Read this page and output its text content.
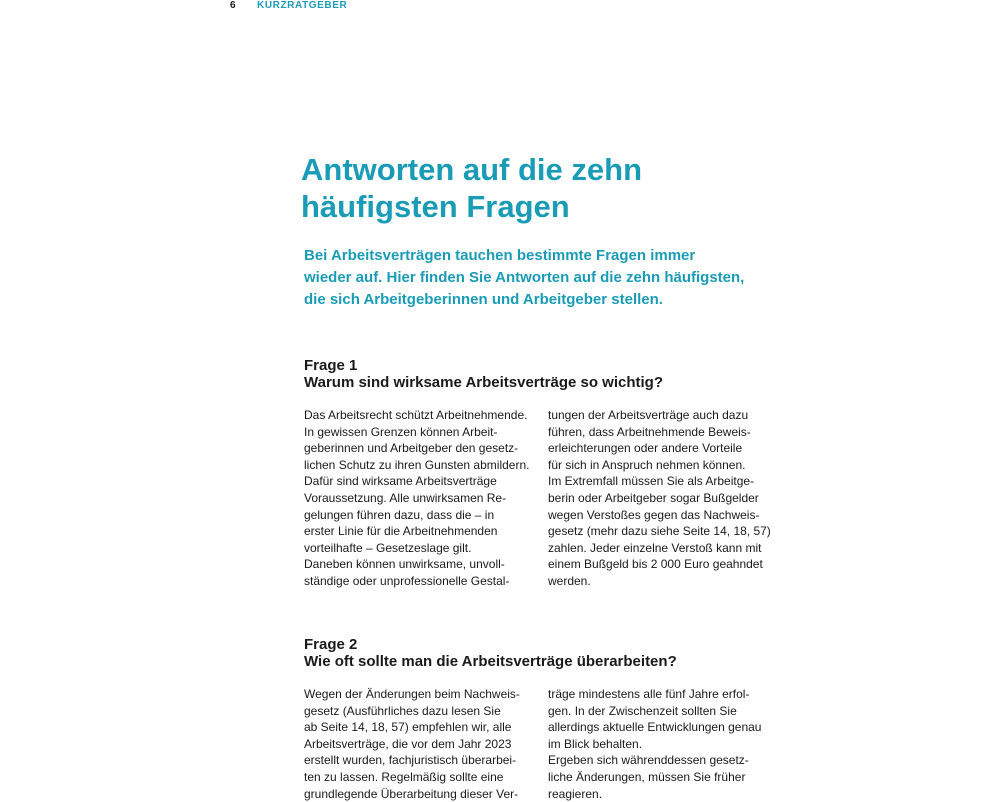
6 KURZRATGEBER
Antworten auf die zehn
häufigsten Fragen

Bei Arbeitsverträgen tauchen bestimmte Fragen immer
wieder auf. Hier finden Sie Antworten auf die zehn häufigsten,
die sich Arbeitgeberinnen und Arbeitgeber stellen.

Frage 1
Warum sind wirksame Arbeitsverträge so wichtig?
Das Arbeitsrecht schützt Arbeitnehmende.
In gewissen Grenzen können Arbeit-
geberinnen und Arbeitgeber den gesetz-
lichen Schutz zu ihren Gunsten abmildern.
Dafür sind wirksame Arbeitsverträge
Voraussetzung. Alle unwirksamen Re-
gelungen führen dazu, dass die – in
erster Linie für die Arbeitnehmenden
vorteilhafte – Gesetzeslage gilt.
Daneben können unwirksame, unvoll-
ständige oder unprofessionelle Gestal-
tungen der Arbeitsverträge auch dazu
führen, dass Arbeitnehmende Beweis-
erleichterungen oder andere Vorteile
für sich in Anspruch nehmen können.
Im Extremfall müssen Sie als Arbeitge-
berin oder Arbeitgeber sogar Bußgelder
wegen Verstoßes gegen das Nachweis-
gesetz (mehr dazu siehe Seite 14, 18, 57)
zahlen. Jeder einzelne Verstoß kann mit
einem Bußgeld bis 2 000 Euro geahndet
werden.
Frage 2
Wie oft sollte man die Arbeitsverträge überarbeiten?
Wegen der Änderungen beim Nachweis-
gesetz (Ausführliches dazu lesen Sie
ab Seite 14, 18, 57) empfehlen wir, alle
Arbeitsverträge, die vor dem Jahr 2023
erstellt wurden, fachjuristisch überarbei-
ten zu lassen. Regelmäßig sollte eine
grundlegende Überarbeitung dieser Ver-
träge mindestens alle fünf Jahre erfol-
gen. In der Zwischenzeit sollten Sie
allerdings aktuelle Entwicklungen genau
im Blick behalten.
Ergeben sich währenddessen gesetz-
liche Änderungen, müssen Sie früher
reagieren.
